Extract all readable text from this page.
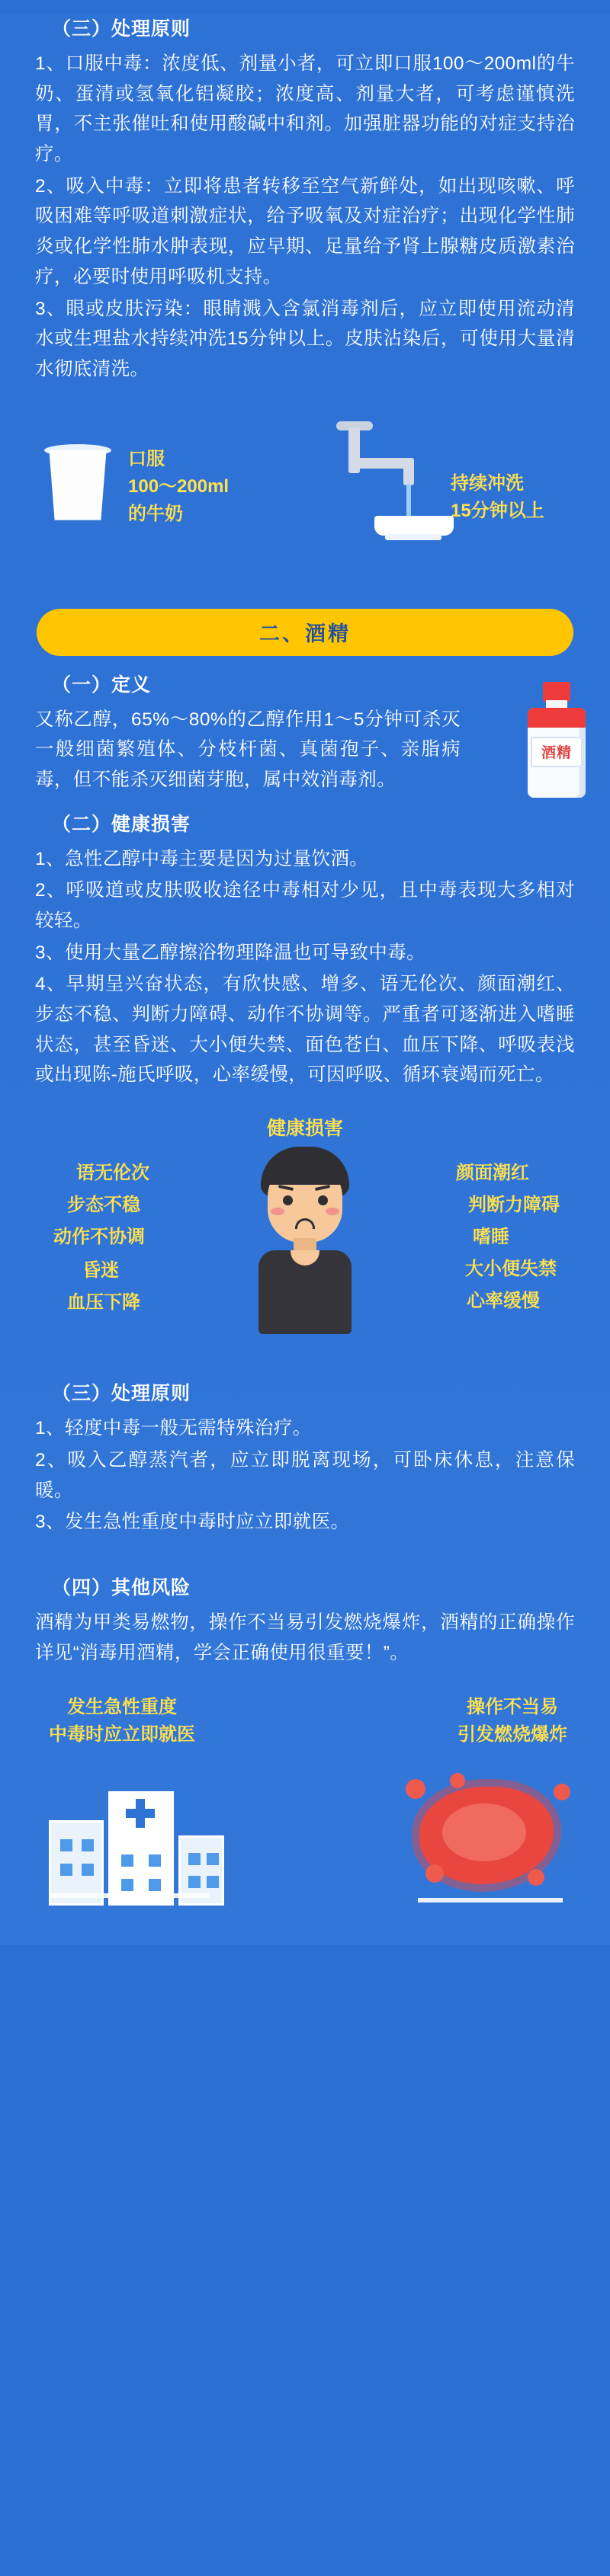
（三）处理原则

1、口服中毒：浓度低、剂量小者，可立即口服100〜200ml的牛奶、蛋清或氢氧化铝凝胶；浓度高、剂量大者，可考虑谨慎洗胃，不主张催吐和使用酸碱中和剂。加强脏器功能的对症支持治疗。

2、吸入中毒：立即将患者转移至空气新鲜处，如出现咳嗽、呼吸困难等呼吸道刺激症状，给予吸氧及对症治疗；出现化学性肺炎或化学性肺水肿表现，应早期、足量给予肾上腺糖皮质激素治疗，必要时使用呼吸机支持。

3、眼或皮肤污染：眼睛溅入含氯消毒剂后，应立即使用流动清水或生理盐水持续冲洗15分钟以上。皮肤沾染后，可使用大量清水彻底清洗。

口服
100〜200ml
的牛奶
持续冲洗
15分钟以上
二、酒精
（一）定义

又称乙醇，65%〜80%的乙醇作用1〜5分钟可杀灭一般细菌繁殖体、分枝杆菌、真菌孢子、亲脂病毒，但不能杀灭细菌芽胞，属中效消毒剂。

酒精
（二）健康损害

1、急性乙醇中毒主要是因为过量饮酒。

2、呼吸道或皮肤吸收途径中毒相对少见，且中毒表现大多相对较轻。

3、使用大量乙醇擦浴物理降温也可导致中毒。

4、早期呈兴奋状态，有欣快感、增多、语无伦次、颜面潮红、步态不稳、判断力障碍、动作不协调等。严重者可逐渐进入嗜睡状态，甚至昏迷、大小便失禁、面色苍白、血压下降、呼吸表浅或出现陈-施氏呼吸，心率缓慢，可因呼吸、循环衰竭而死亡。

健康损害
语无伦次
步态不稳
动作不协调
昏迷
血压下降
颜面潮红
判断力障碍
嗜睡
大小便失禁
心率缓慢
（三）处理原则

1、轻度中毒一般无需特殊治疗。

2、吸入乙醇蒸汽者，应立即脱离现场，可卧床休息，注意保暖。

3、发生急性重度中毒时应立即就医。

（四）其他风险

酒精为甲类易燃物，操作不当易引发燃烧爆炸，酒精的正确操作详见“消毒用酒精，学会正确使用很重要！”。

发生急性重度
中毒时应立即就医
操作不当易
引发燃烧爆炸
